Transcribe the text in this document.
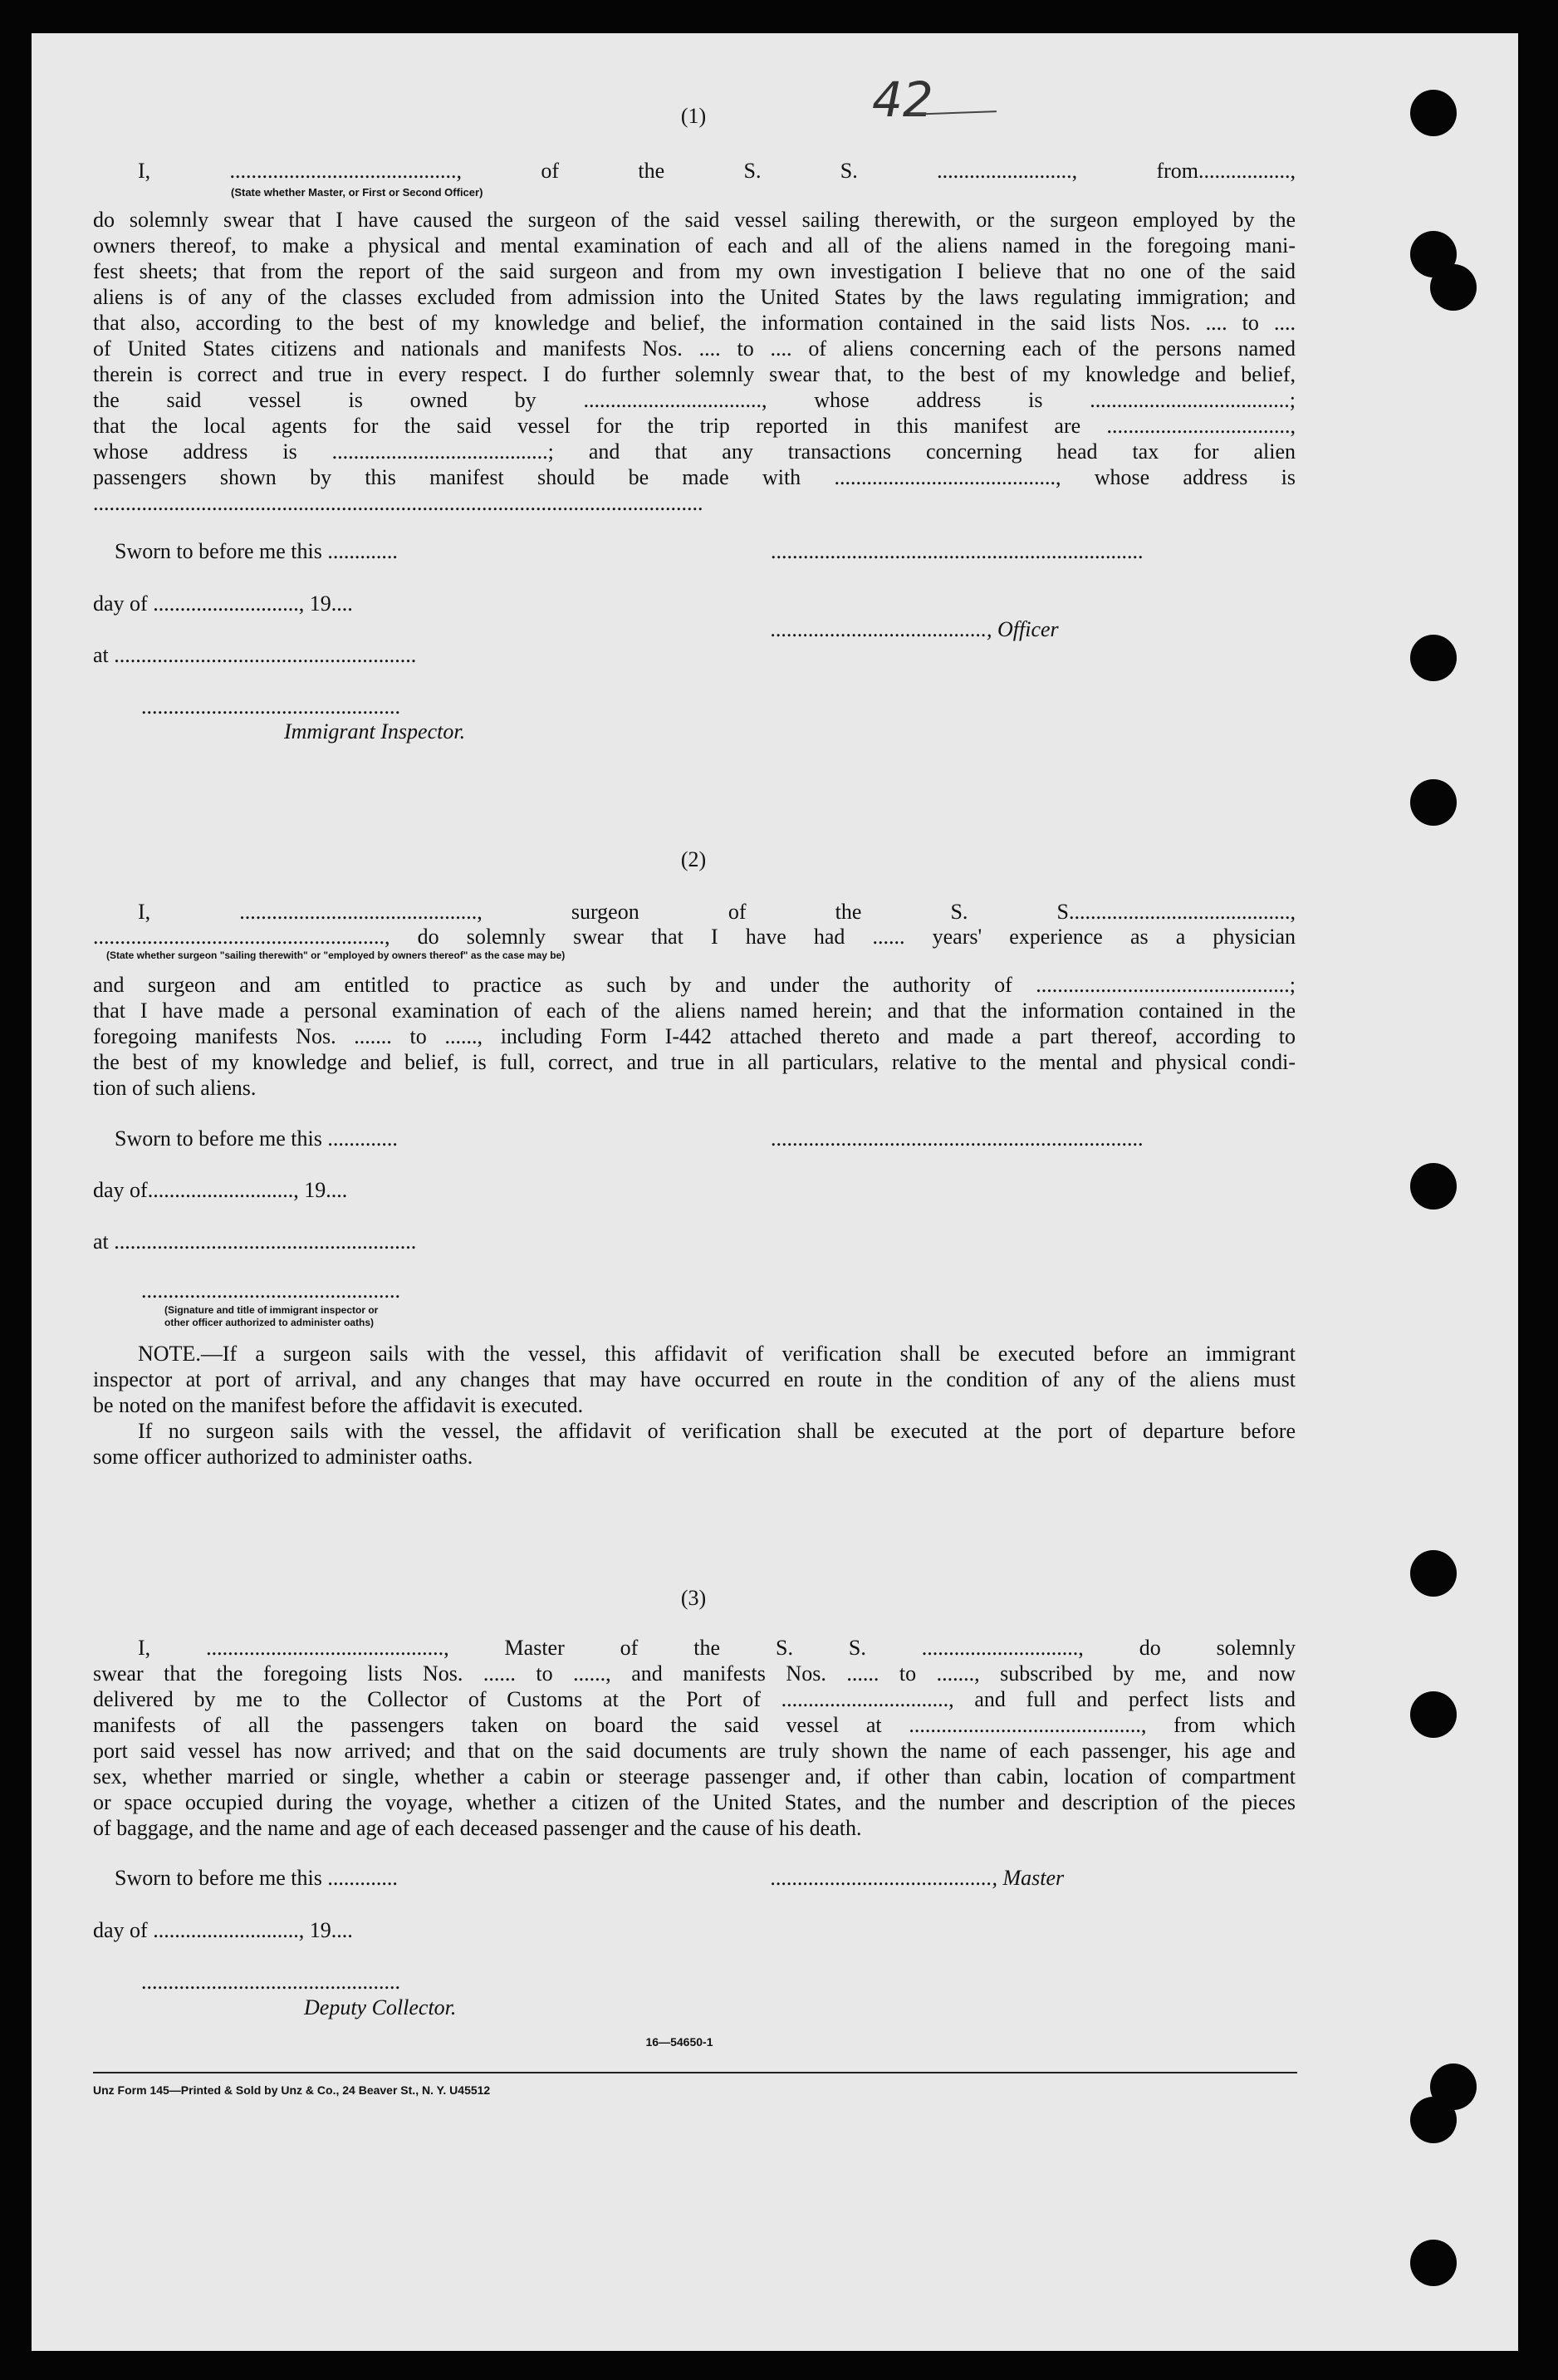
42
(1)
I, .........................................., of the S. S. ........................., from.................,
(State whether Master, or First or Second Officer)
do solemnly swear that I have caused the surgeon of the said vessel sailing therewith, or the surgeon employed by the
owners thereof, to make a physical and mental examination of each and all of the aliens named in the foregoing mani-
fest sheets; that from the report of the said surgeon and from my own investigation I believe that no one of the said
aliens is of any of the classes excluded from admission into the United States by the laws regulating immigration; and
that also, according to the best of my knowledge and belief, the information contained in the said lists Nos. .... to ....
of United States citizens and nationals and manifests Nos. .... to .... of aliens concerning each of the persons named
therein is correct and true in every respect. I do further solemnly swear that, to the best of my knowledge and belief,
the said vessel is owned by ................................., whose address is .....................................;
that the local agents for the said vessel for the trip reported in this manifest are ..................................,
whose address is ........................................; and that any transactions concerning head tax for alien
passengers shown by this manifest should be made with ........................................., whose address is
.................................................................................................................
Sworn to before me this .............	.....................................................................
day of ..........................., 19....
........................................, Officer
at ........................................................
................................................
Immigrant Inspector.
(2)
I, ............................................, surgeon of the S. S.........................................,
......................................................, do solemnly swear that I have had ...... years' experience as a physician
(State whether surgeon "sailing therewith" or "employed by owners thereof" as the case may be)
and surgeon and am entitled to practice as such by and under the authority of ...............................................;
that I have made a personal examination of each of the aliens named herein; and that the information contained in the
foregoing manifests Nos. ....... to ......, including Form I-442 attached thereto and made a part thereof, according to
the best of my knowledge and belief, is full, correct, and true in all particulars, relative to the mental and physical condi-
tion of such aliens.
Sworn to before me this .............	.....................................................................
day of..........................., 19....
at ........................................................
................................................
(Signature and title of immigrant inspector or
other officer authorized to administer oaths)
NOTE.—If a surgeon sails with the vessel, this affidavit of verification shall be executed before an immigrant
inspector at port of arrival, and any changes that may have occurred en route in the condition of any of the aliens must
be noted on the manifest before the affidavit is executed.
If no surgeon sails with the vessel, the affidavit of verification shall be executed at the port of departure before
some officer authorized to administer oaths.
(3)
I, ............................................, Master of the S. S. ............................., do solemnly
swear that the foregoing lists Nos. ...... to ......, and manifests Nos. ...... to ......., subscribed by me, and now
delivered by me to the Collector of Customs at the Port of ..............................., and full and perfect lists and
manifests of all the passengers taken on board the said vessel at ..........................................., from which
port said vessel has now arrived; and that on the said documents are truly shown the name of each passenger, his age and
sex, whether married or single, whether a cabin or steerage passenger and, if other than cabin, location of compartment
or space occupied during the voyage, whether a citizen of the United States, and the number and description of the pieces
of baggage, and the name and age of each deceased passenger and the cause of his death.
Sworn to before me this .............	........................................., Master
day of ..........................., 19....
................................................
Deputy Collector.
16—54650-1
Unz Form 145—Printed & Sold by Unz & Co., 24 Beaver St., N. Y. U45512
